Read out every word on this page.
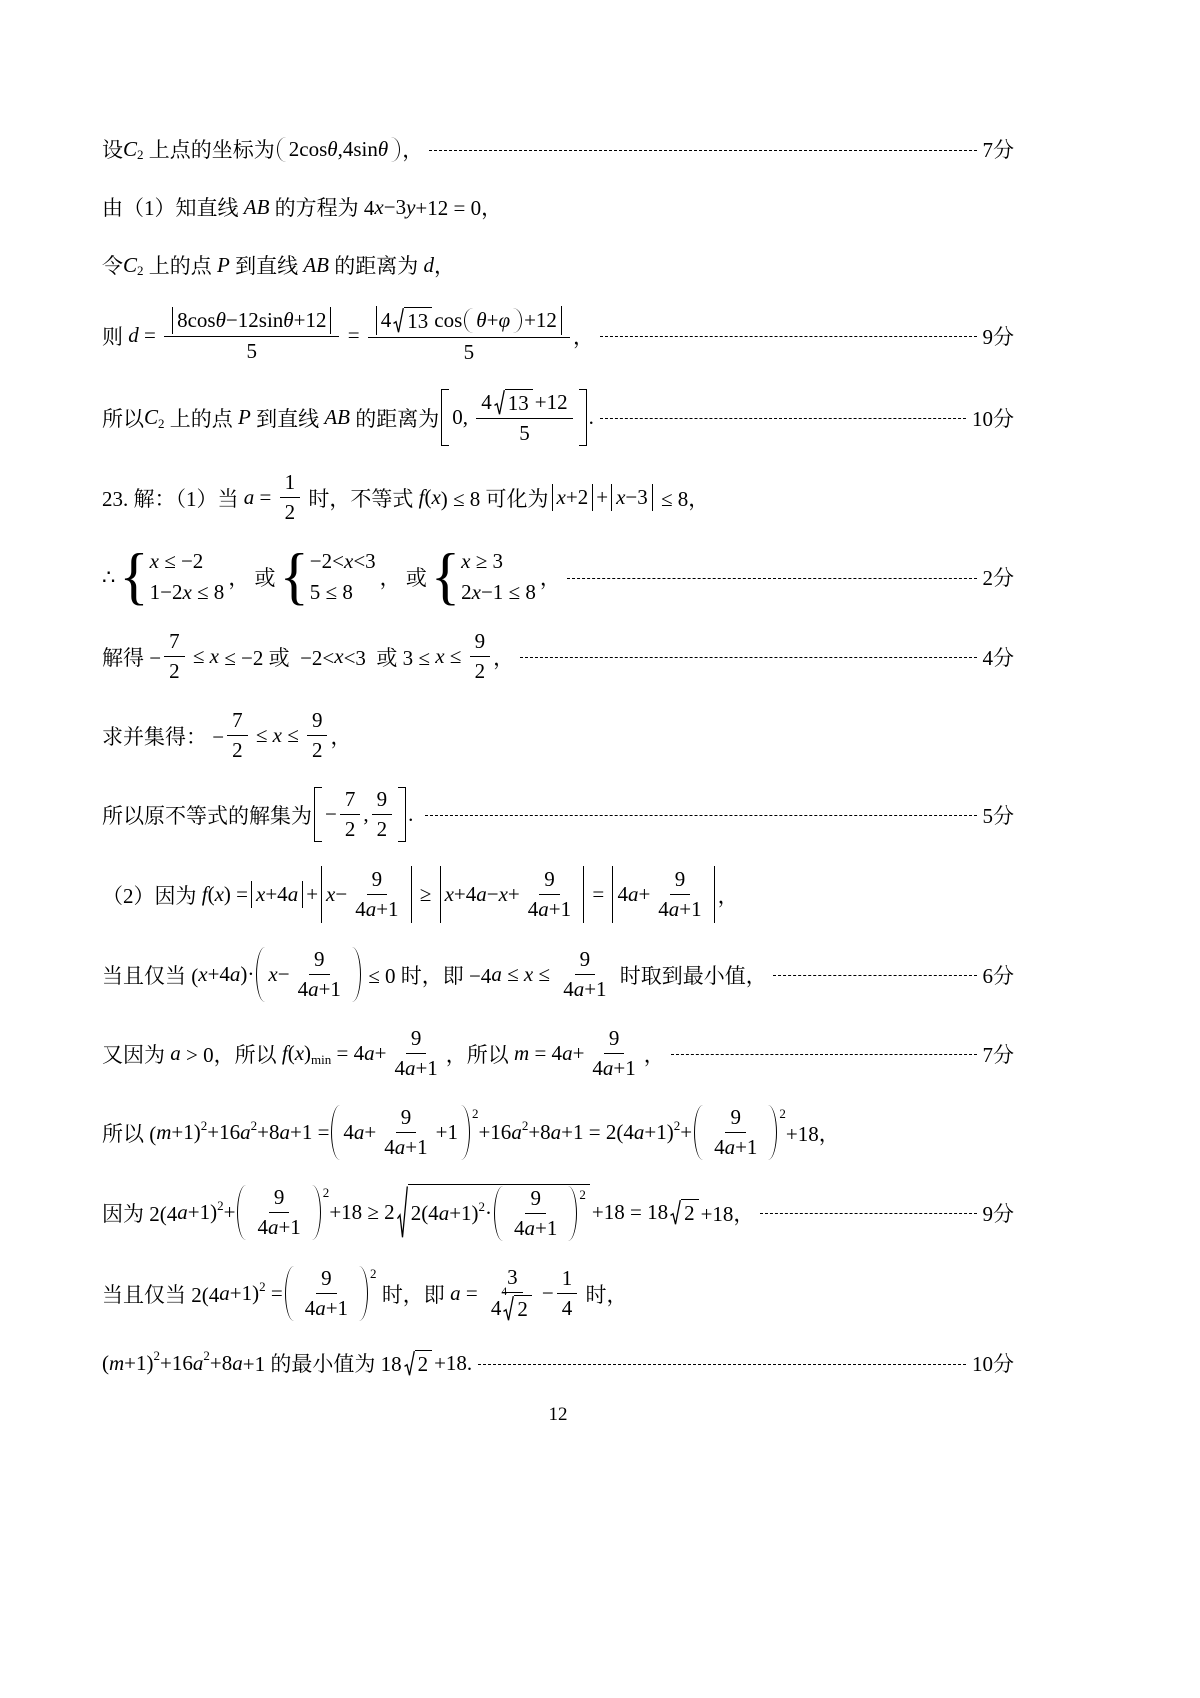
设 C 2 上点的坐标为 2cos θ ,4sin θ ，	7分
由（1）知直线 AB 的方程为 4 x −3 y +12 = 0，
令 C 2 上的点 P 到直线 AB 的距离为 d ，
则 $d = \frac{\text{8cos θ −12sin θ +12}}{5} = \frac{\text{4 13 cos θ + φ +12}}{5}$ ，	9分
所以 C 2 上的点 P 到直线 AB 的距离为 0, $\frac{4 13 +12}{5}$ .	10分
23. 解：（1）当 $a = \frac{1}{2}$ 时，不等式 f ( x ) ≤ 8 可化为 x +2 + x −3 ≤ 8，
∴ { x ≤ −2
1−2 x ≤ 8
， 或 { −2< x <3
5 ≤ 8
， 或 { x ≥ 3
2 x −1 ≤ 8
，	2分
解得 − $\frac{7}{2} \le x \le -2$ 或  −2< x <3  或 $3 \le x \le \frac{9}{2}$ ，	4分
求并集得： − $\frac{7}{2} \le x \le \frac{9}{2}$ ，
所以原不等式的解集为 − $\frac{7}{2}$ , $\frac{9}{2}$ .	5分
（2）因为 f ( x ) = x +4 $a + x - \frac{9}{4 a +1} \ge x +4$ $a - x + \frac{9}{4 a +1} = 4$ $a + \frac{9}{4 a +1}$ ，
当且仅当 ( x +4 a )· $x - \frac{9}{4 a +1} \le 0$ 时，即 −4 $a \le x \le \frac{9}{4 a +1}$ 时取到最小值，	6分
又因为 a > 0，所以 f ( x ) min = 4 $a + \frac{9}{4 a +1}$ ，所以 m = 4 $a + \frac{9}{4 a +1}$ ，	7分
所以 ( m +1) 2 +16 a 2 +8 a +1 = 4 $a + \frac{9}{4 a +1} +1$
2
+16 a 2 +8 a +1 = 2(4 a +1) $2 + \frac{9}{4 a +1} 2$
+18，
因为 2(4 a +1) $2 + \frac{9}{4 a +1} 2$
+18 ≥ 2 2(4 a +1) $2 \cdot \frac{9}{4 a +1} 2$
+18 = 18 2 +18，	9分
当且仅当 2(4 a +1) $2 = \frac{9}{4 a +1} 2$
时，即 a = 3
4
4
$2 - \frac{1}{4}$ 时，
( m +1) 2 +16 a 2 +8 a +1 的最小值为 18 2 +18.	10分
12
